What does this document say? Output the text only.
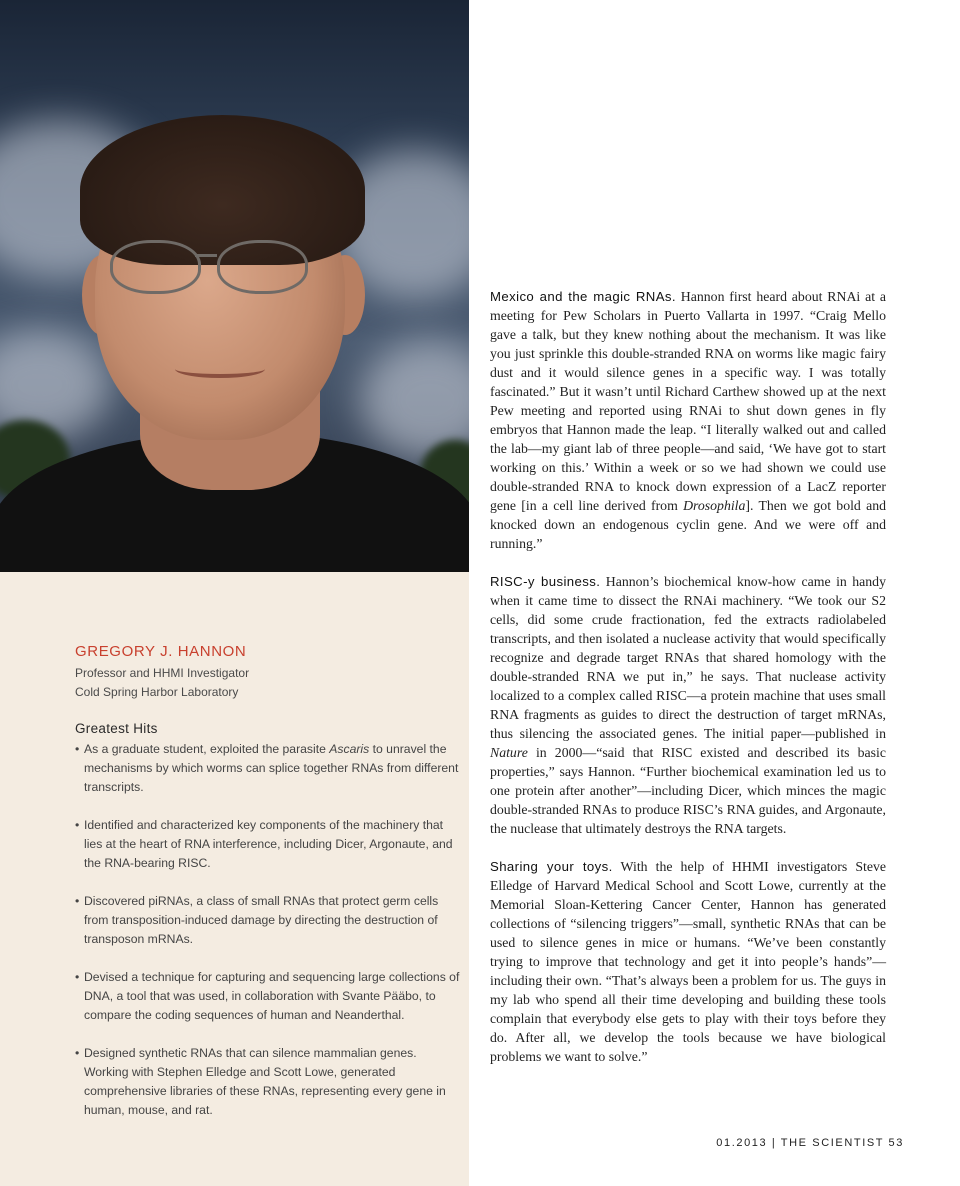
GREGORY J. HANNON

Professor and HHMI Investigator

Cold Spring Harbor Laboratory

Greatest Hits

• As a graduate student, exploited the parasite Ascaris to unravel the mechanisms by which worms can splice together RNAs from different transcripts.
• Identified and characterized key components of the machinery that lies at the heart of RNA interference, including Dicer, Argonaute, and the RNA-bearing RISC.
• Discovered piRNAs, a class of small RNAs that protect germ cells from transposition-induced damage by directing the destruction of transposon mRNAs.
• Devised a technique for capturing and sequencing large collections of DNA, a tool that was used, in collaboration with Svante Pääbo, to compare the coding sequences of human and Neanderthal.
• Designed synthetic RNAs that can silence mammalian genes. Working with Stephen Elledge and Scott Lowe, generated comprehensive libraries of these RNAs, representing every gene in human, mouse, and rat.

Mexico and the magic RNAs. Hannon first heard about RNAi at a meeting for Pew Scholars in Puerto Vallarta in 1997. “Craig Mello gave a talk, but they knew nothing about the mechanism. It was like you just sprinkle this double-stranded RNA on worms like magic fairy dust and it would silence genes in a specific way. I was totally fascinated.” But it wasn’t until Richard Carthew showed up at the next Pew meeting and reported using RNAi to shut down genes in fly embryos that Hannon made the leap. “I literally walked out and called the lab—my giant lab of three people—and said, ‘We have got to start working on this.’ Within a week or so we had shown we could use double-stranded RNA to knock down expression of a LacZ reporter gene [in a cell line derived from Drosophila]. Then we got bold and knocked down an endogenous cyclin gene. And we were off and running.”

RISC-y business. Hannon’s biochemical know-how came in handy when it came time to dissect the RNAi machinery. “We took our S2 cells, did some crude fractionation, fed the extracts radiolabeled transcripts, and then isolated a nuclease activity that would specifically recognize and degrade target RNAs that shared homology with the double-stranded RNA we put in,” he says. That nuclease activity localized to a complex called RISC—a protein machine that uses small RNA fragments as guides to direct the destruction of target mRNAs, thus silencing the associated genes. The initial paper—published in Nature in 2000—“said that RISC existed and described its basic properties,” says Hannon. “Further biochemical examination led us to one protein after another”—including Dicer, which minces the magic double-stranded RNAs to produce RISC’s RNA guides, and Argonaute, the nuclease that ultimately destroys the RNA targets.

Sharing your toys. With the help of HHMI investigators Steve Elledge of Harvard Medical School and Scott Lowe, currently at the Memorial Sloan-Kettering Cancer Center, Hannon has generated collections of “silencing triggers”—small, synthetic RNAs that can be used to silence genes in mice or humans. “We’ve been constantly trying to improve that technology and get it into people’s hands”—including their own. “That’s always been a problem for us. The guys in my lab who spend all their time developing and building these tools complain that everybody else gets to play with their toys before they do. After all, we develop the tools because we have biological problems we want to solve.”

01.2013 | THE SCIENTIST 53
